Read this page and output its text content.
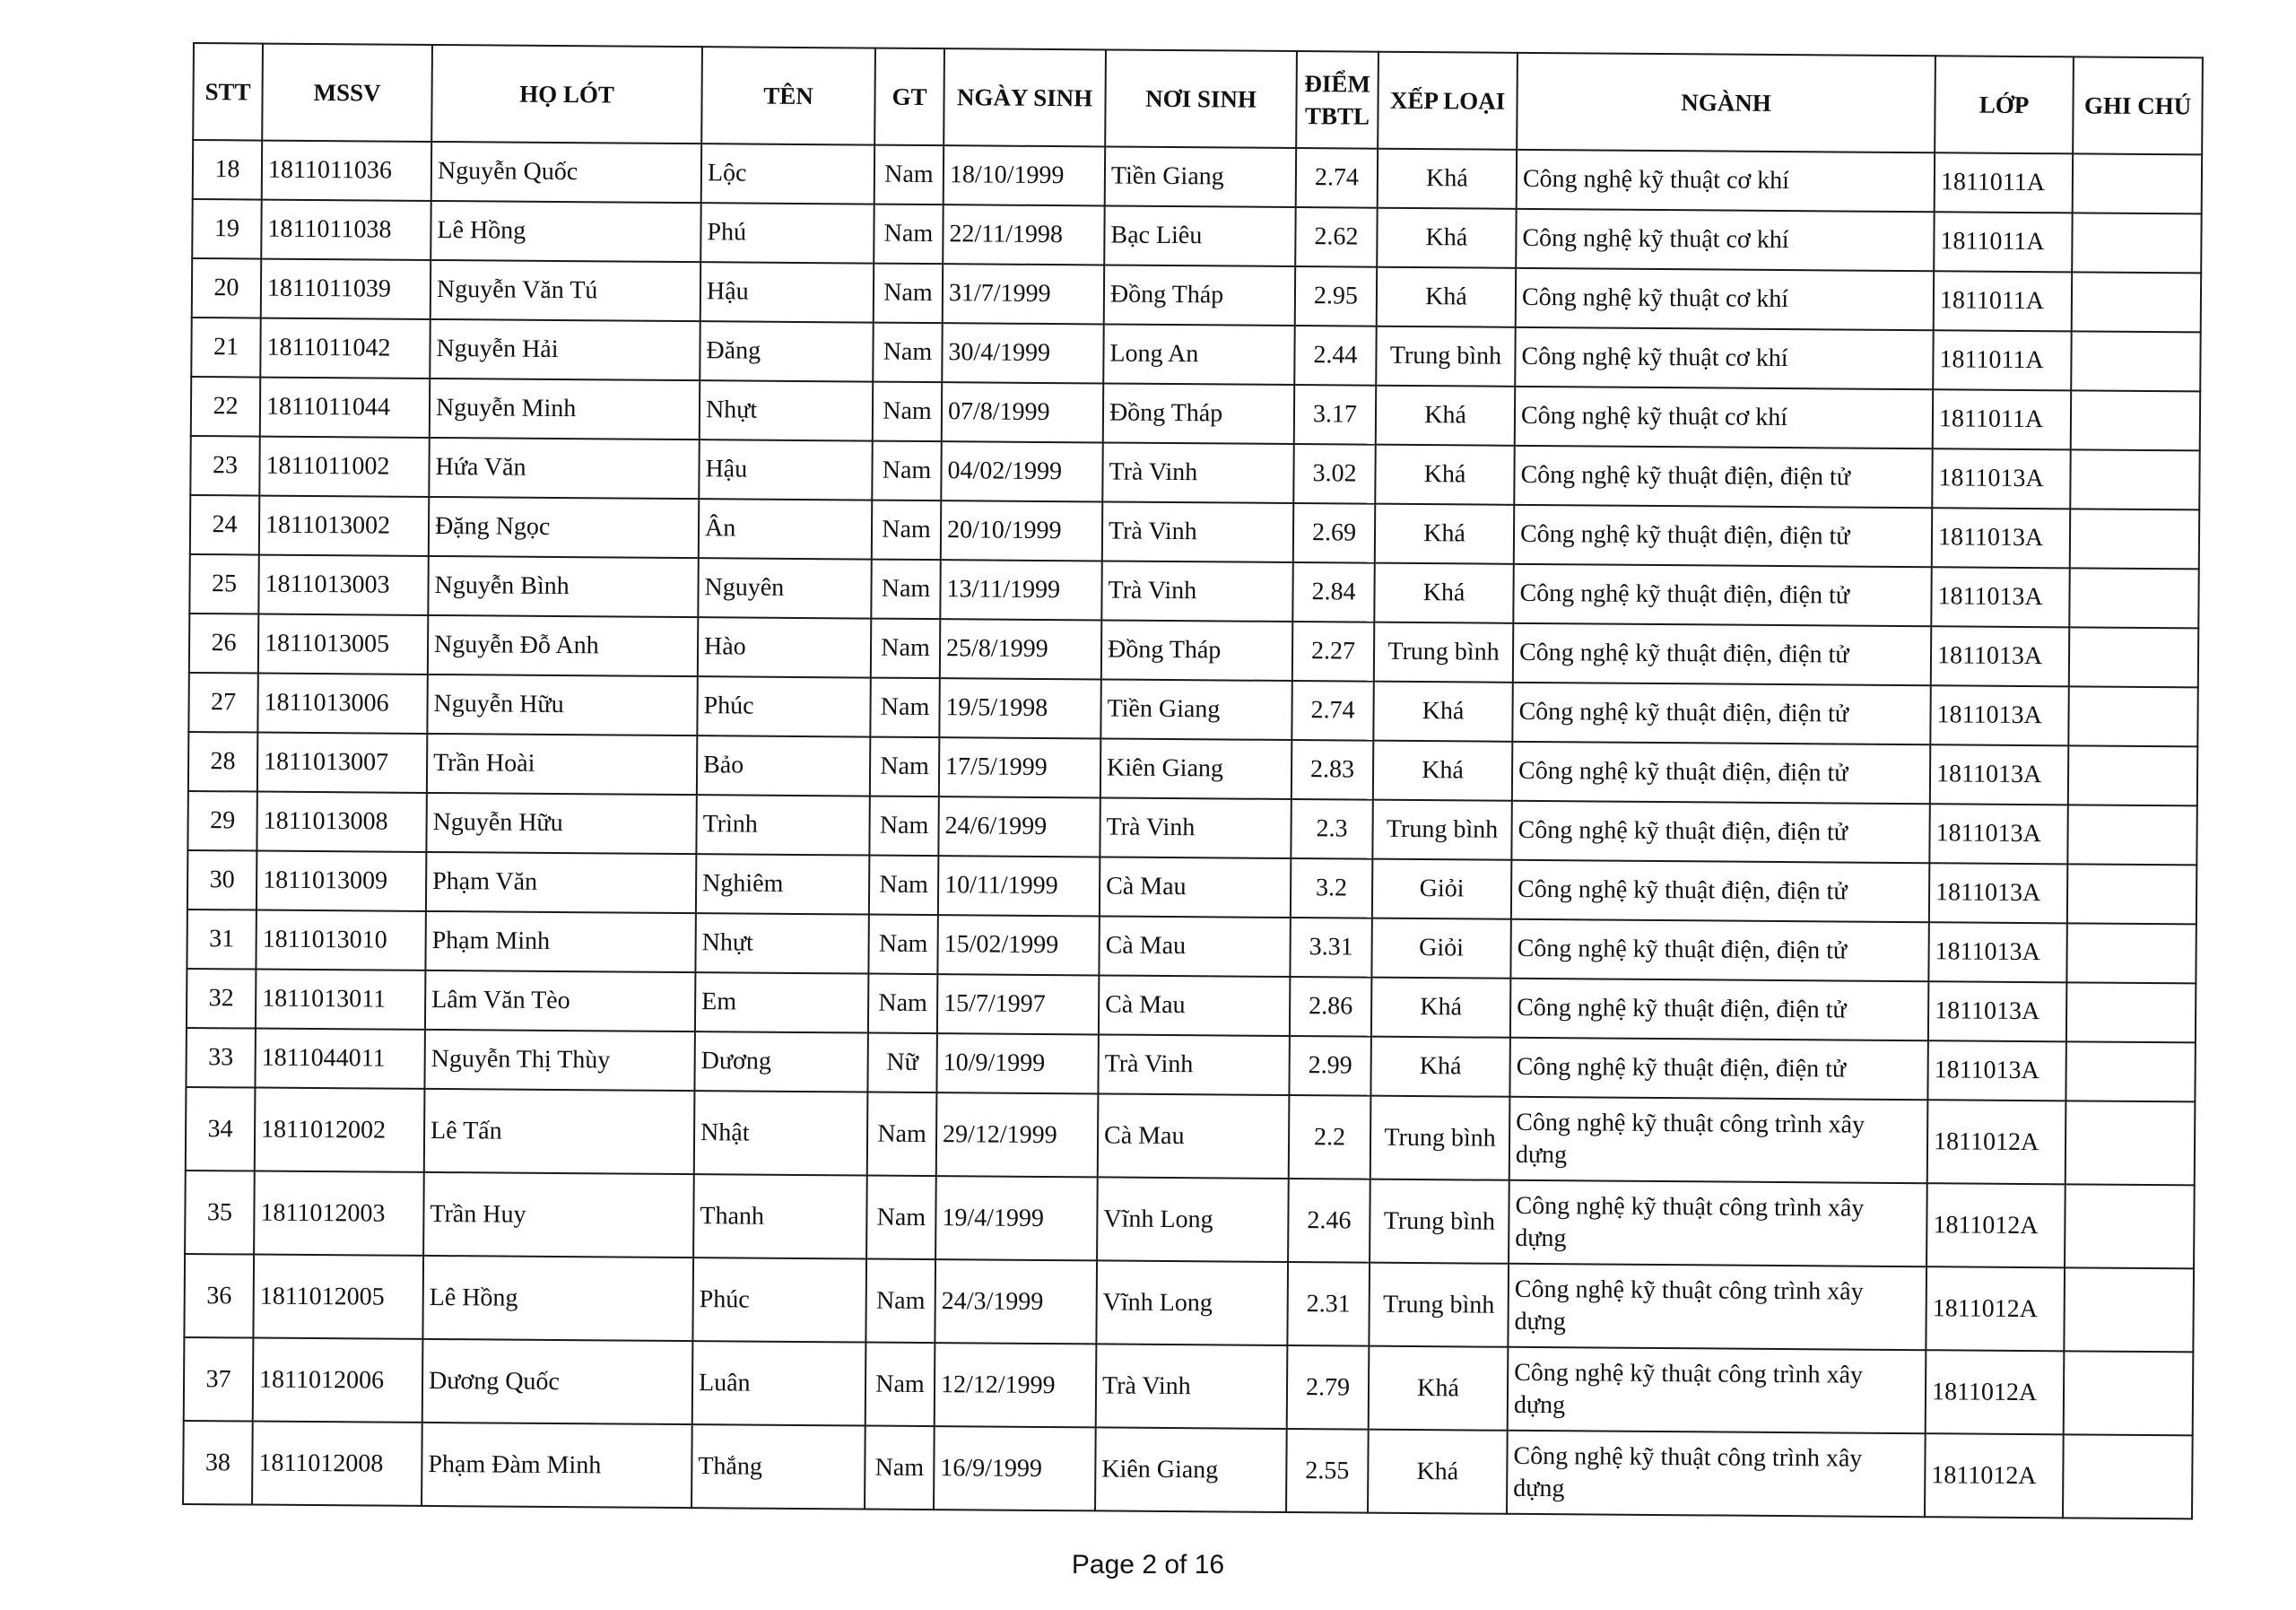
STT	MSSV	HỌ LÓT	TÊN	GT	NGÀY SINH	NƠI SINH	ĐIỂM TBTL	XẾP LOẠI	NGÀNH	LỚP	GHI CHÚ
18	1811011036	Nguyễn Quốc	Lộc	Nam	18/10/1999	Tiền Giang	2.74	Khá	Công nghệ kỹ thuật cơ khí	1811011A	
19	1811011038	Lê Hồng	Phú	Nam	22/11/1998	Bạc Liêu	2.62	Khá	Công nghệ kỹ thuật cơ khí	1811011A	
20	1811011039	Nguyễn Văn Tú	Hậu	Nam	31/7/1999	Đồng Tháp	2.95	Khá	Công nghệ kỹ thuật cơ khí	1811011A	
21	1811011042	Nguyễn Hải	Đăng	Nam	30/4/1999	Long An	2.44	Trung bình	Công nghệ kỹ thuật cơ khí	1811011A	
22	1811011044	Nguyễn Minh	Nhựt	Nam	07/8/1999	Đồng Tháp	3.17	Khá	Công nghệ kỹ thuật cơ khí	1811011A	
23	1811011002	Hứa Văn	Hậu	Nam	04/02/1999	Trà Vinh	3.02	Khá	Công nghệ kỹ thuật điện, điện tử	1811013A	
24	1811013002	Đặng Ngọc	Ân	Nam	20/10/1999	Trà Vinh	2.69	Khá	Công nghệ kỹ thuật điện, điện tử	1811013A	
25	1811013003	Nguyễn Bình	Nguyên	Nam	13/11/1999	Trà Vinh	2.84	Khá	Công nghệ kỹ thuật điện, điện tử	1811013A	
26	1811013005	Nguyễn Đỗ Anh	Hào	Nam	25/8/1999	Đồng Tháp	2.27	Trung bình	Công nghệ kỹ thuật điện, điện tử	1811013A	
27	1811013006	Nguyễn Hữu	Phúc	Nam	19/5/1998	Tiền Giang	2.74	Khá	Công nghệ kỹ thuật điện, điện tử	1811013A	
28	1811013007	Trần Hoài	Bảo	Nam	17/5/1999	Kiên Giang	2.83	Khá	Công nghệ kỹ thuật điện, điện tử	1811013A	
29	1811013008	Nguyễn Hữu	Trình	Nam	24/6/1999	Trà Vinh	2.3	Trung bình	Công nghệ kỹ thuật điện, điện tử	1811013A	
30	1811013009	Phạm Văn	Nghiêm	Nam	10/11/1999	Cà Mau	3.2	Giỏi	Công nghệ kỹ thuật điện, điện tử	1811013A	
31	1811013010	Phạm Minh	Nhựt	Nam	15/02/1999	Cà Mau	3.31	Giỏi	Công nghệ kỹ thuật điện, điện tử	1811013A	
32	1811013011	Lâm Văn Tèo	Em	Nam	15/7/1997	Cà Mau	2.86	Khá	Công nghệ kỹ thuật điện, điện tử	1811013A	
33	1811044011	Nguyễn Thị Thùy	Dương	Nữ	10/9/1999	Trà Vinh	2.99	Khá	Công nghệ kỹ thuật điện, điện tử	1811013A	
34	1811012002	Lê Tấn	Nhật	Nam	29/12/1999	Cà Mau	2.2	Trung bình	Công nghệ kỹ thuật công trình xây dựng	1811012A	
35	1811012003	Trần Huy	Thanh	Nam	19/4/1999	Vĩnh Long	2.46	Trung bình	Công nghệ kỹ thuật công trình xây dựng	1811012A	
36	1811012005	Lê Hồng	Phúc	Nam	24/3/1999	Vĩnh Long	2.31	Trung bình	Công nghệ kỹ thuật công trình xây dựng	1811012A	
37	1811012006	Dương Quốc	Luân	Nam	12/12/1999	Trà Vinh	2.79	Khá	Công nghệ kỹ thuật công trình xây dựng	1811012A	
38	1811012008	Phạm Đàm Minh	Thắng	Nam	16/9/1999	Kiên Giang	2.55	Khá	Công nghệ kỹ thuật công trình xây dựng	1811012A	
Page 2 of 16
